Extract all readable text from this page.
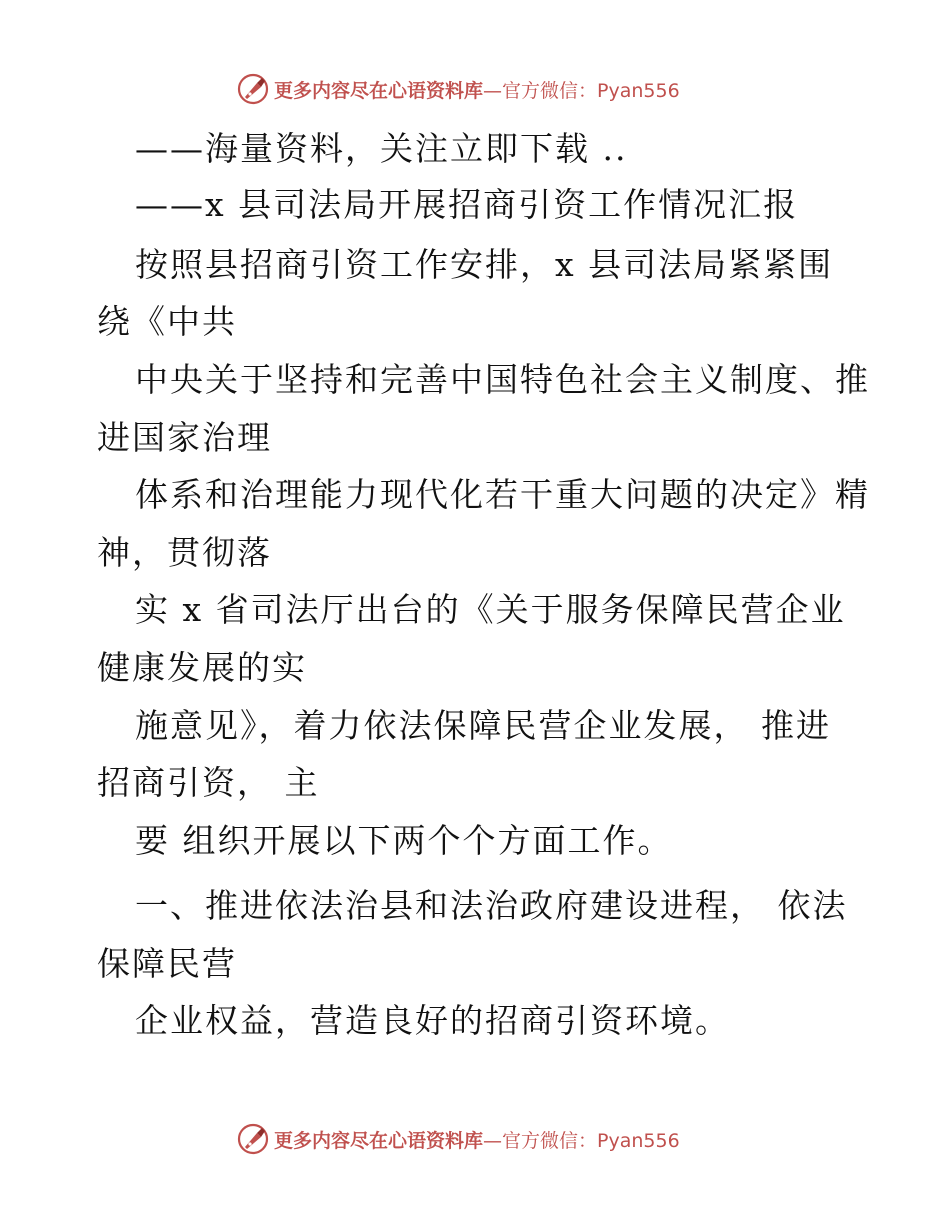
更多内容尽在心语资料库—官方微信：Pyan556
——海量资料，关注立即下载 ..
——x 县司法局开展招商引资工作情况汇报
按照县招商引资工作安排，x 县司法局紧紧围
绕《中共
中央关于坚持和完善中国特色社会主义制度、推
进国家治理
体系和治理能力现代化若干重大问题的决定》精
神，贯彻落
实 x 省司法厅出台的《关于服务保障民营企业
健康发展的实
施意见》，着力依法保障民营企业发展， 推进
招商引资， 主
要 组织开展以下两个个方面工作。
一、推进依法治县和法治政府建设进程， 依法
保障民营
企业权益，营造良好的招商引资环境。
更多内容尽在心语资料库—官方微信：Pyan556
